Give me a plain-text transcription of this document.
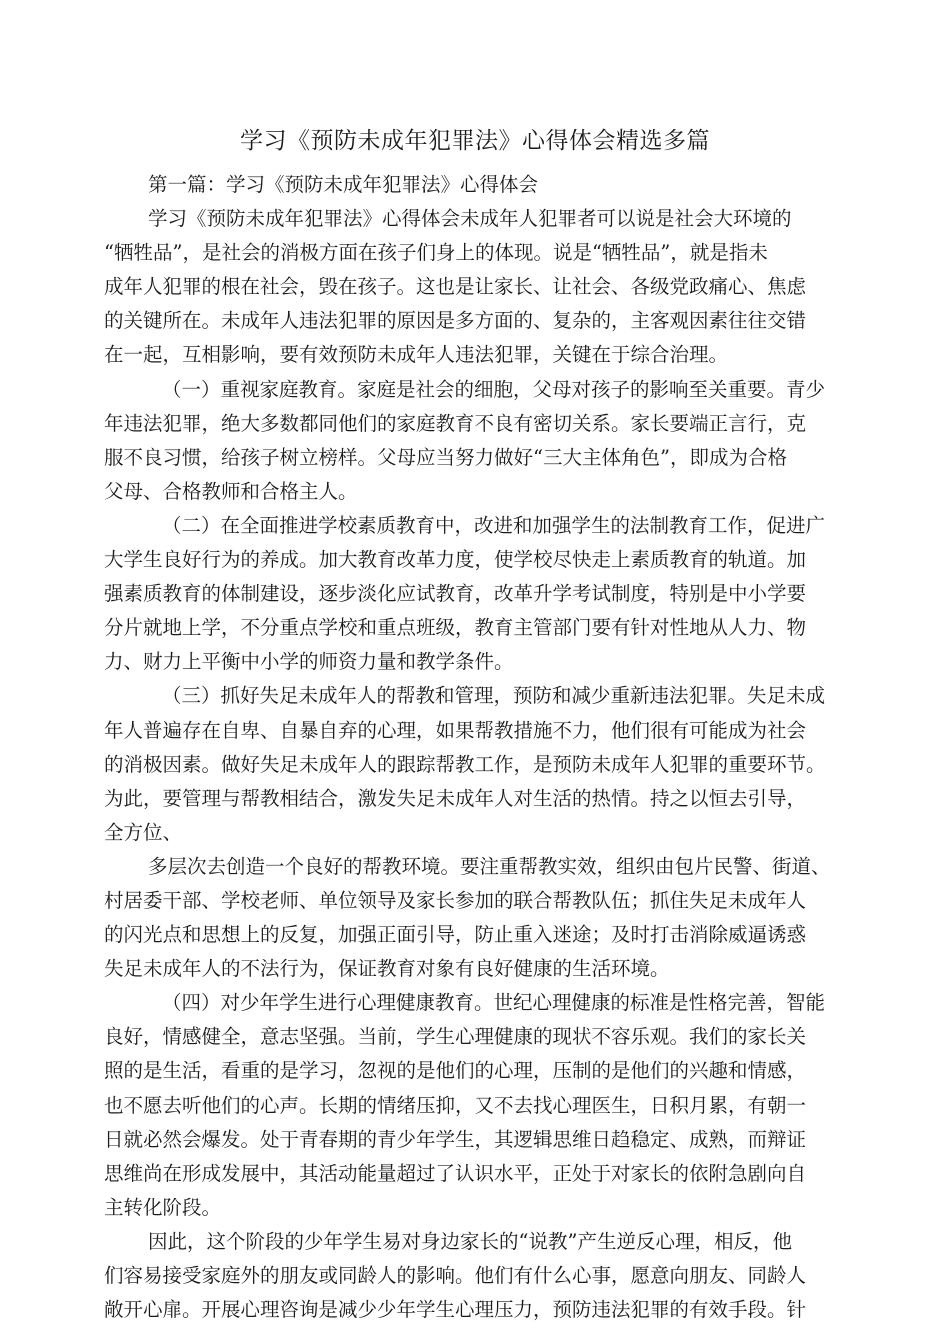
学习《预防未成年犯罪法》心得体会精选多篇
第一篇：学习《预防未成年犯罪法》心得体会
学习《预防未成年犯罪法》心得体会未成年人犯罪者可以说是社会大环境的
“牺牲品”，是社会的消极方面在孩子们身上的体现。说是“牺牲品”，就是指未
成年人犯罪的根在社会，毁在孩子。这也是让家长、让社会、各级党政痛心、焦虑
的关键所在。未成年人违法犯罪的原因是多方面的、复杂的，主客观因素往往交错
在一起，互相影响，要有效预防未成年人违法犯罪，关键在于综合治理。
（一）重视家庭教育。家庭是社会的细胞，父母对孩子的影响至关重要。青少
年违法犯罪，绝大多数都同他们的家庭教育不良有密切关系。家长要端正言行，克
服不良习惯，给孩子树立榜样。父母应当努力做好“三大主体角色”，即成为合格
父母、合格教师和合格主人。
（二）在全面推进学校素质教育中，改进和加强学生的法制教育工作，促进广
大学生良好行为的养成。加大教育改革力度，使学校尽快走上素质教育的轨道。加
强素质教育的体制建设，逐步淡化应试教育，改革升学考试制度，特别是中小学要
分片就地上学，不分重点学校和重点班级，教育主管部门要有针对性地从人力、物
力、财力上平衡中小学的师资力量和教学条件。
（三）抓好失足未成年人的帮教和管理，预防和减少重新违法犯罪。失足未成
年人普遍存在自卑、自暴自弃的心理，如果帮教措施不力，他们很有可能成为社会
的消极因素。做好失足未成年人的跟踪帮教工作，是预防未成年人犯罪的重要环节。
为此，要管理与帮教相结合，激发失足未成年人对生活的热情。持之以恒去引导，
全方位、
多层次去创造一个良好的帮教环境。要注重帮教实效，组织由包片民警、街道、
村居委干部、学校老师、单位领导及家长参加的联合帮教队伍；抓住失足未成年人
的闪光点和思想上的反复，加强正面引导，防止重入迷途；及时打击消除威逼诱惑
失足未成年人的不法行为，保证教育对象有良好健康的生活环境。
（四）对少年学生进行心理健康教育。世纪心理健康的标准是性格完善，智能
良好，情感健全，意志坚强。当前，学生心理健康的现状不容乐观。我们的家长关
照的是生活，看重的是学习，忽视的是他们的心理，压制的是他们的兴趣和情感，
也不愿去听他们的心声。长期的情绪压抑，又不去找心理医生，日积月累，有朝一
日就必然会爆发。处于青春期的青少年学生，其逻辑思维日趋稳定、成熟，而辩证
思维尚在形成发展中，其活动能量超过了认识水平，正处于对家长的依附急剧向自
主转化阶段。
因此，这个阶段的少年学生易对身边家长的“说教”产生逆反心理，相反，他
们容易接受家庭外的朋友或同龄人的影响。他们有什么心事，愿意向朋友、同龄人
敞开心扉。开展心理咨询是减少少年学生心理压力，预防违法犯罪的有效手段。针
